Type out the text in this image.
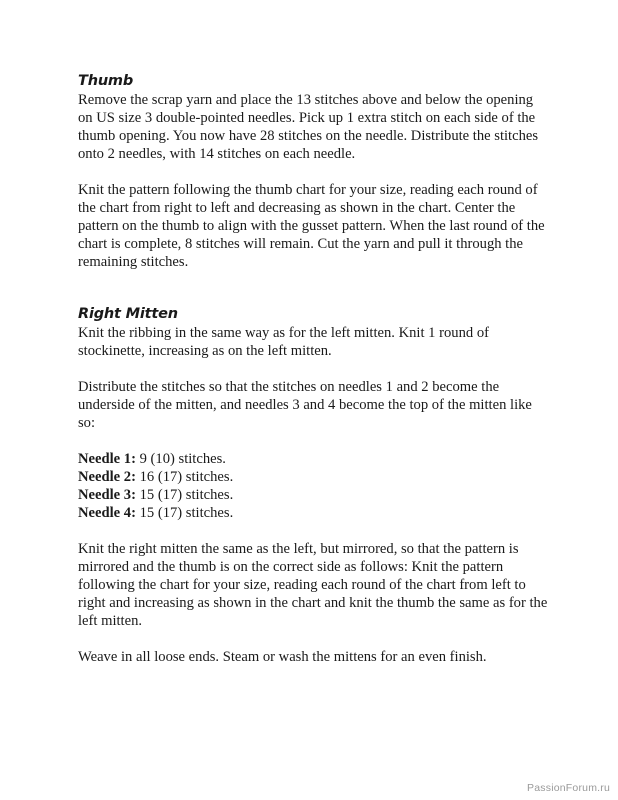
Thumb

Remove the scrap yarn and place the 13 stitches above and below the opening on US size 3 double-pointed needles. Pick up 1 extra stitch on each side of the thumb opening. You now have 28 stitches on the needle. Distribute the stitches onto 2 needles, with 14 stitches on each needle.

Knit the pattern following the thumb chart for your size, reading each round of the chart from right to left and decreasing as shown in the chart. Center the pattern on the thumb to align with the gusset pattern. When the last round of the chart is complete, 8 stitches will remain. Cut the yarn and pull it through the remaining stitches.

Right Mitten

Knit the ribbing in the same way as for the left mitten. Knit 1 round of stockinette, increasing as on the left mitten.

Distribute the stitches so that the stitches on needles 1 and 2 become the underside of the mitten, and needles 3 and 4 become the top of the mitten like so:

Needle 1: 9 (10) stitches.
Needle 2: 16 (17) stitches.
Needle 3: 15 (17) stitches.
Needle 4: 15 (17) stitches.

Knit the right mitten the same as the left, but mirrored, so that the pattern is mirrored and the thumb is on the correct side as follows: Knit the pattern following the chart for your size, reading each round of the chart from left to right and increasing as shown in the chart and knit the thumb the same as for the left mitten.

Weave in all loose ends. Steam or wash the mittens for an even finish.

PassionForum.ru
